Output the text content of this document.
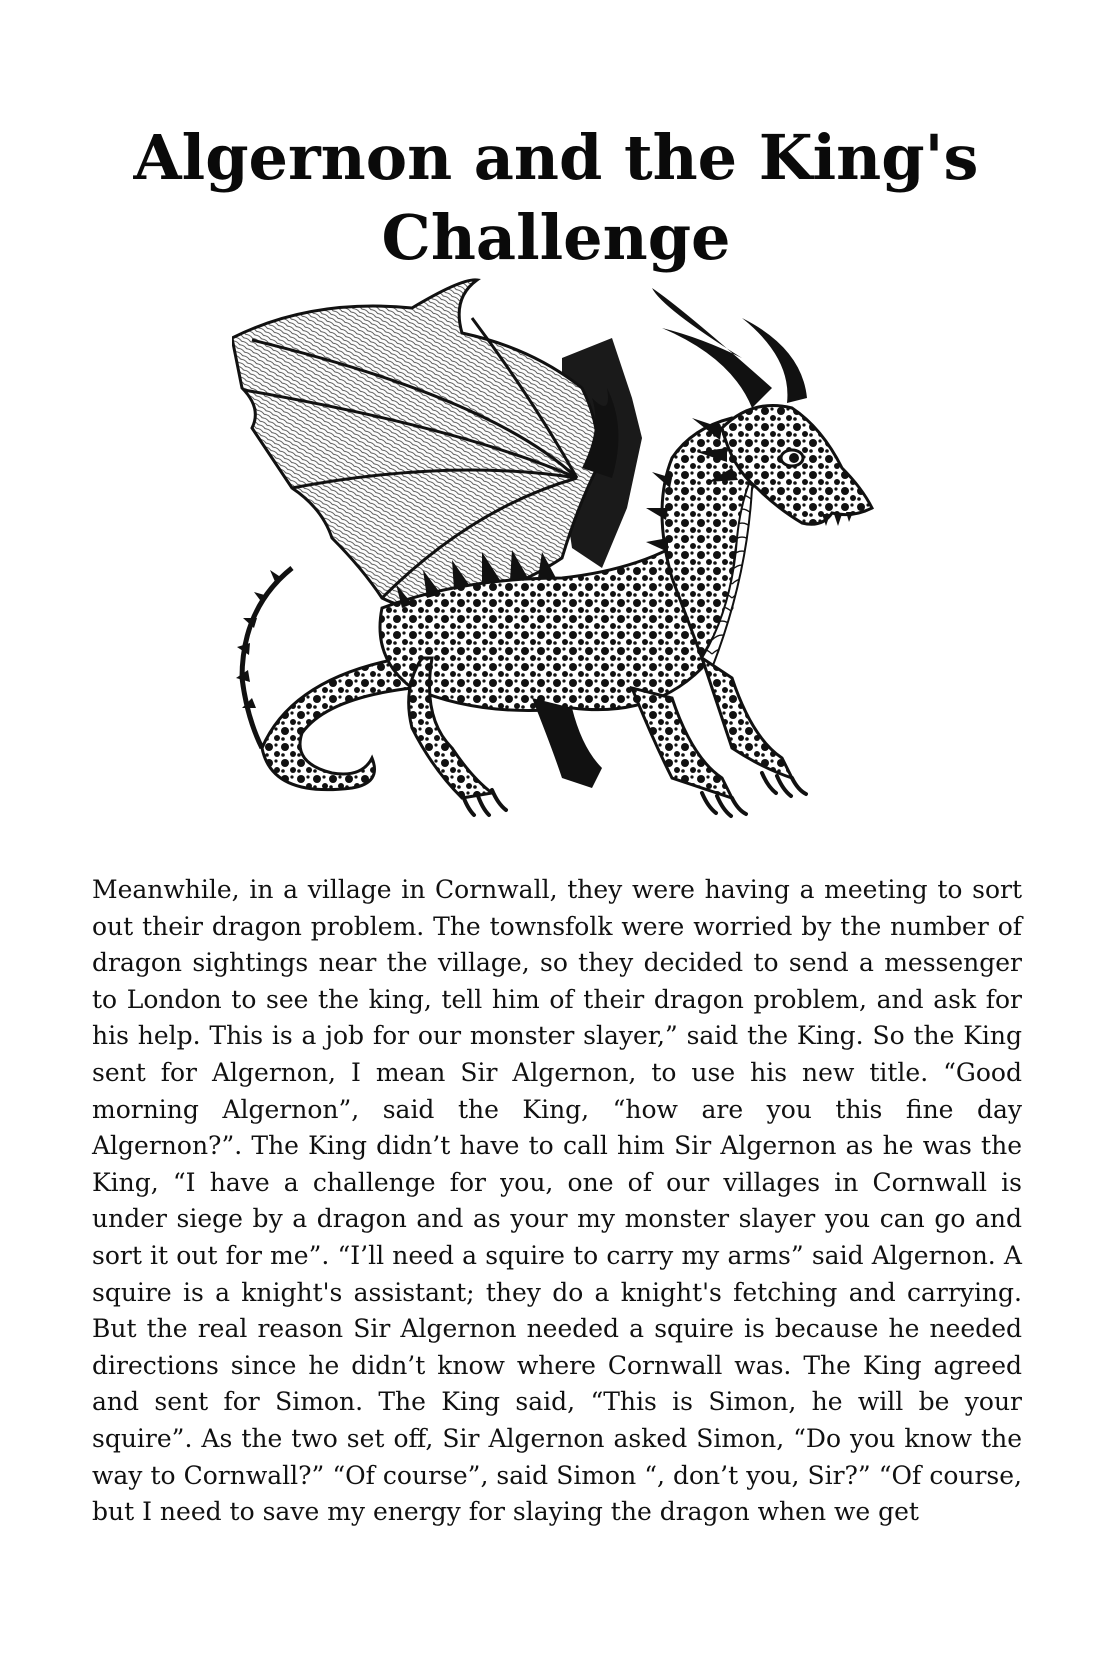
Algernon and the King's Challenge

Meanwhile, in a village in Cornwall, they were having a meeting to sort out their dragon problem. The townsfolk were worried by the number of dragon sightings near the village, so they decided to send a messenger to London to see the king, tell him of their dragon problem, and ask for his help. This is a job for our monster slayer,” said the King. So the King sent for Algernon, I mean Sir Algernon, to use his new title. “Good morning Algernon”, said the King, “how are you this fine day Algernon?”. The King didn’t have to call him Sir Algernon as he was the King, “I have a challenge for you, one of our villages in Cornwall is under siege by a dragon and as your my monster slayer you can go and sort it out for me”. “I’ll need a squire to carry my arms” said Algernon. A squire is a knight's assistant; they do a knight's fetching and carrying. But the real reason Sir Algernon needed a squire is because he needed directions since he didn’t know where Cornwall was. The King agreed and sent for Simon. The King said, “This is Simon, he will be your squire”. As the two set off, Sir Algernon asked Simon, “Do you know the way to Cornwall?” “Of course”, said Simon “, don’t you, Sir?” “Of course, but I need to save my energy for slaying the dragon when we get
